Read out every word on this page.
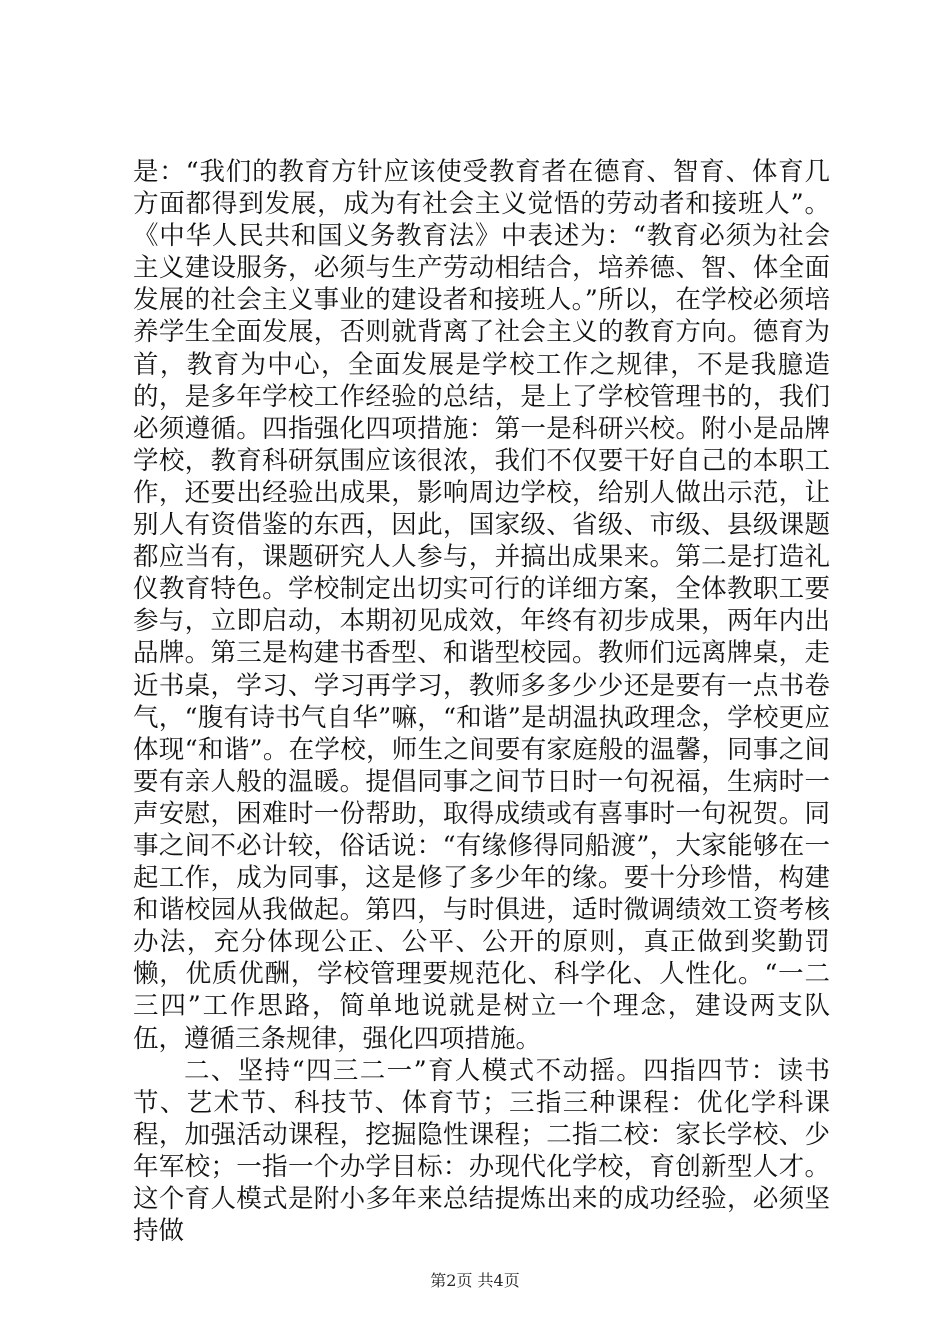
是：“我们的教育方针应该使受教育者在德育、智育、体育几方面都得到发展，成为有社会主义觉悟的劳动者和接班人”。《中华人民共和国义务教育法》中表述为：“教育必须为社会主义建设服务，必须与生产劳动相结合，培养德、智、体全面发展的社会主义事业的建设者和接班人。”所以，在学校必须培养学生全面发展，否则就背离了社会主义的教育方向。德育为首，教育为中心，全面发展是学校工作之规律，不是我臆造的，是多年学校工作经验的总结，是上了学校管理书的，我们必须遵循。四指强化四项措施：第一是科研兴校。附小是品牌学校，教育科研氛围应该很浓，我们不仅要干好自己的本职工作，还要出经验出成果，影响周边学校，给别人做出示范，让别人有资借鉴的东西，因此，国家级、省级、市级、县级课题都应当有，课题研究人人参与，并搞出成果来。第二是打造礼仪教育特色。学校制定出切实可行的详细方案，全体教职工要参与，立即启动，本期初见成效，年终有初步成果，两年内出品牌。第三是构建书香型、和谐型校园。教师们远离牌桌，走近书桌，学习、学习再学习，教师多多少少还是要有一点书卷气，“腹有诗书气自华”嘛，“和谐”是胡温执政理念，学校更应体现“和谐”。在学校，师生之间要有家庭般的温馨，同事之间要有亲人般的温暖。提倡同事之间节日时一句祝福，生病时一声安慰，困难时一份帮助，取得成绩或有喜事时一句祝贺。同事之间不必计较，俗话说：“有缘修得同船渡”，大家能够在一起工作，成为同事，这是修了多少年的缘。要十分珍惜，构建和谐校园从我做起。第四，与时俱进，适时微调绩效工资考核办法，充分体现公正、公平、公开的原则，真正做到奖勤罚懒，优质优酬，学校管理要规范化、科学化、人性化。“一二三四”工作思路，简单地说就是树立一个理念，建设两支队伍，遵循三条规律，强化四项措施。

二、坚持“四三二一”育人模式不动摇。四指四节：读书节、艺术节、科技节、体育节；三指三种课程：优化学科课程，加强活动课程，挖掘隐性课程；二指二校：家长学校、少年军校；一指一个办学目标：办现代化学校，育创新型人才。这个育人模式是附小多年来总结提炼出来的成功经验，必须坚持做

第2页 共4页
